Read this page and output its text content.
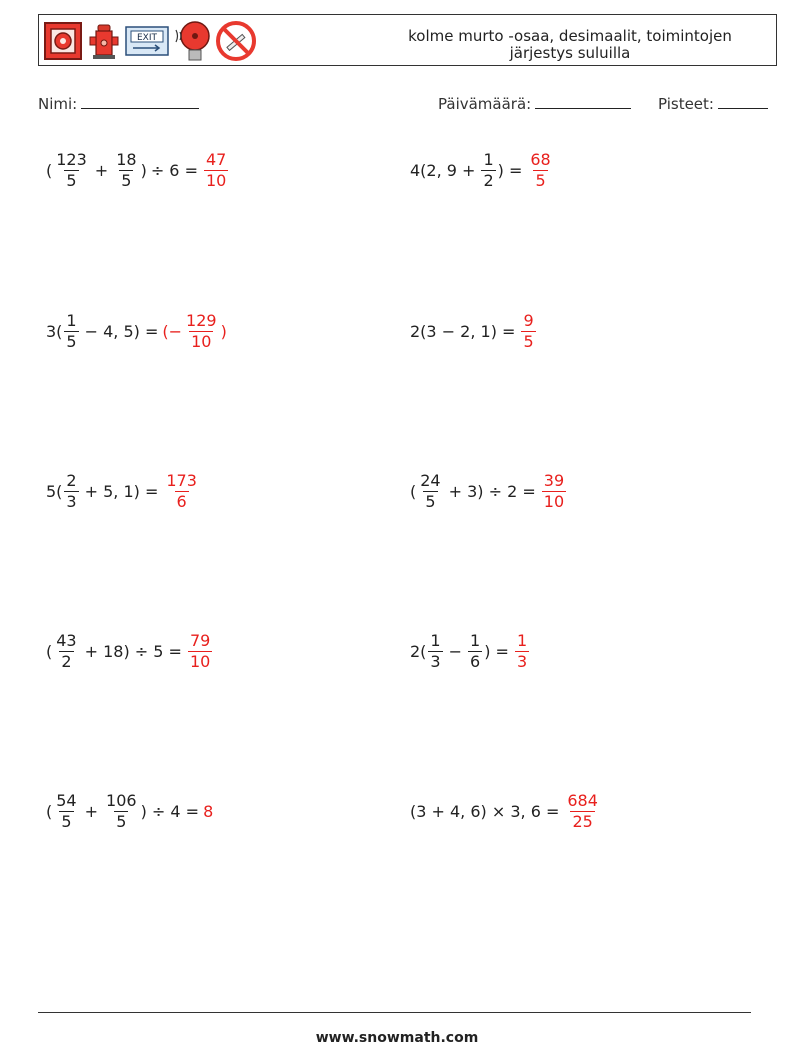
EXIT	kolme murto -osaa, desimaalit, toimintojen
järjestys suluilla
Nimi:	Päivämäärä:	Pisteet:
( $\frac{123}{5} + \frac{18}{5}$ ) ÷ $6 = \frac{47}{10}$	4(2, $9 + \frac{1}{2}$ ) = $\frac{68}{5}$
$3( \frac{1}{5} - 4$, 5) = (− $\frac{129}{10}$ )	2(3 − 2, $1) = \frac{9}{5}$
$5( \frac{2}{3} + 5$, $1) = \frac{173}{6}$	( $\frac{24}{5} + 3) \div 2 = \frac{39}{10}$
( $\frac{43}{2} + 18) \div 5 = \frac{79}{10}$	$2( \frac{1}{3} - \frac{1}{6}$ ) = $\frac{1}{3}$
( $\frac{54}{5} + \frac{106}{5}$ ) ÷ 4 = 8	(3 + 4, 6) × 3, $6 = \frac{684}{25}$
www.snowmath.com
